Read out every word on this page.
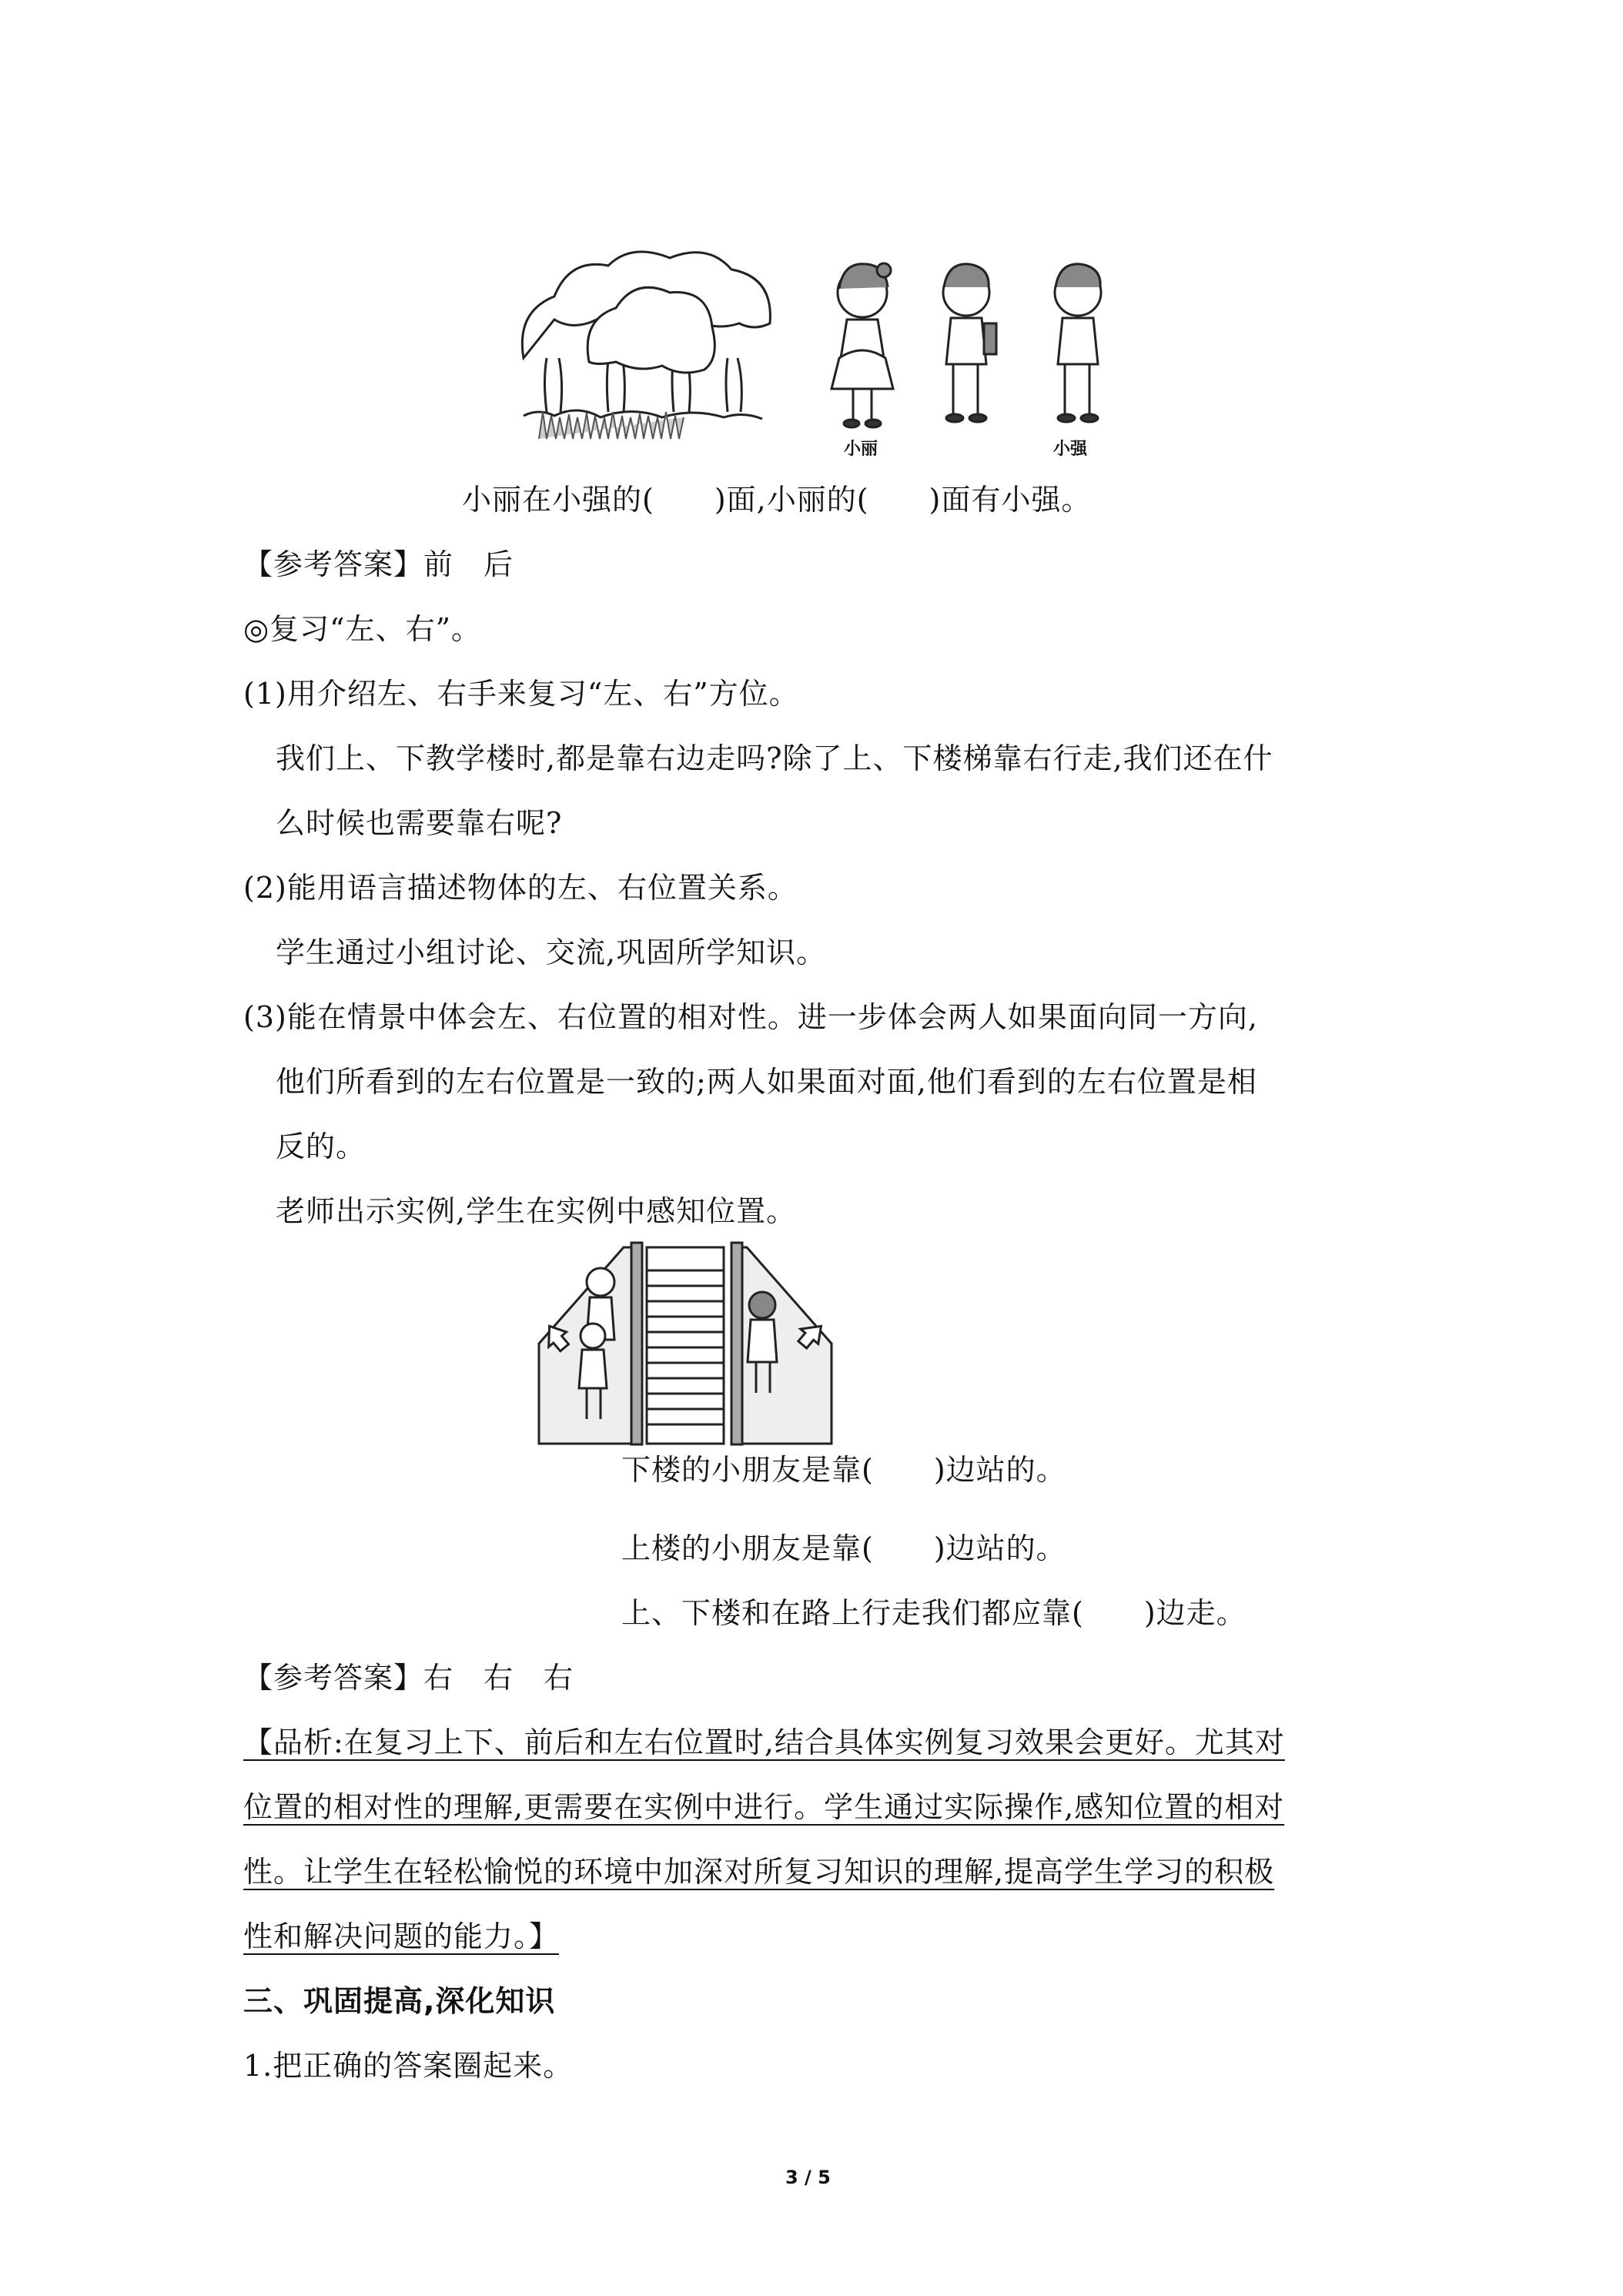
小丽	小强
小丽在小强的(　　)面,小丽的(　　)面有小强。
【参考答案】前　后
◎复习“左、右”。
(1)用介绍左、右手来复习“左、右”方位。
我们上、下教学楼时,都是靠右边走吗?除了上、下楼梯靠右行走,我们还在什
么时候也需要靠右呢?
(2)能用语言描述物体的左、右位置关系。
学生通过小组讨论、交流,巩固所学知识。
(3)能在情景中体会左、右位置的相对性。进一步体会两人如果面向同一方向,
他们所看到的左右位置是一致的;两人如果面对面,他们看到的左右位置是相
反的。
老师出示实例,学生在实例中感知位置。
下楼的小朋友是靠(　　)边站的。
上楼的小朋友是靠(　　)边站的。
上、下楼和在路上行走我们都应靠(　　)边走。
【参考答案】右　右　右
【品析:在复习上下、前后和左右位置时,结合具体实例复习效果会更好。尤其对
位置的相对性的理解,更需要在实例中进行。学生通过实际操作,感知位置的相对
性。让学生在轻松愉悦的环境中加深对所复习知识的理解,提高学生学习的积极
性和解决问题的能力。】
三、巩固提高,深化知识
1.把正确的答案圈起来。
3 / 5
